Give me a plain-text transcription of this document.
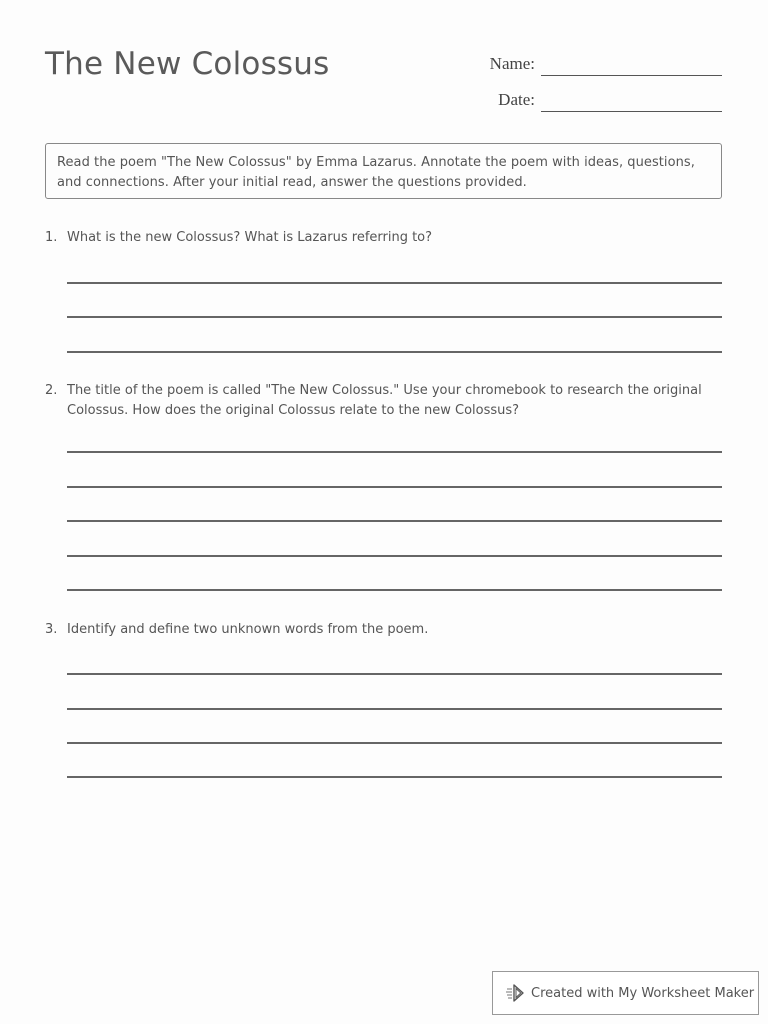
The New Colossus	Name:
Date:
Read the poem "The New Colossus" by Emma Lazarus. Annotate the poem with ideas, questions, and connections. After your initial read, answer the questions provided.
1. What is the new Colossus? What is Lazarus referring to?
2. The title of the poem is called "The New Colossus." Use your chromebook to research the original Colossus. How does the original Colossus relate to the new Colossus?
3. Identify and define two unknown words from the poem.
Created with My Worksheet Maker
